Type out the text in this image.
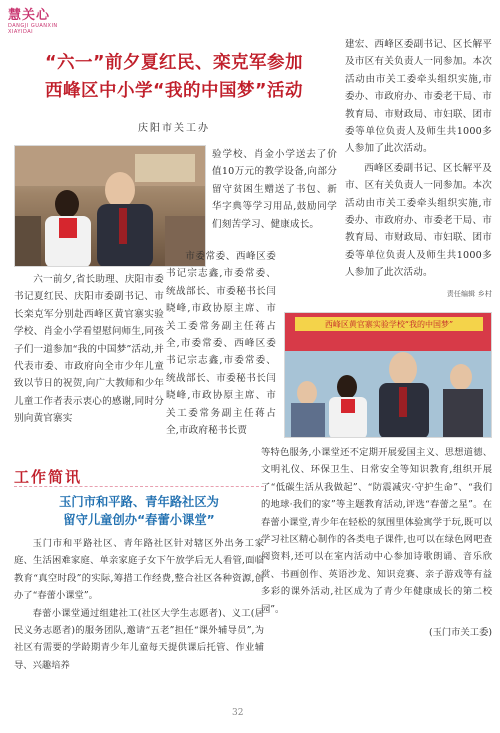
慧关心
DANGJI GUANXIN
XIAYIDAI
“六一”前夕夏红民、栾克军参加
西峰区中小学“我的中国梦”活动
庆阳市关工办
验学校、肖金小学送去了价值10万元的教学设备,向部分留守贫困生赠送了书包、新华字典等学习用品,鼓励同学们刻苦学习、健康成长。

六一前夕,省长助理、庆阳市委书记夏红民、庆阳市委副书记、市长栾克军分别赴西峰区黄官寨实验学校、肖金小学看望慰问师生,同孩子们一道参加“我的中国梦”活动,并代表市委、市政府向全市少年儿童致以节日的祝贺,向广大教师和少年儿童工作者表示衷心的感谢,同时分别向黄官寨实

市委常委、西峰区委书记宗志鑫,市委常委、统战部长、市委秘书长闫晓峰,市政协原主席、市关工委常务副主任蒋占全,市委常委、西峰区委书记宗志鑫,市委常委、统战部长、市委秘书长闫晓峰,市政协原主席、市关工委常务副主任蒋占全,市政府秘书长贾

建宏、西峰区委副书记、区长解平及市区有关负责人一同参加。本次活动由市关工委牵头组织实施,市委办、市政府办、市委老干局、市教育局、市财政局、市妇联、团市委等单位负责人及师生共1000多人参加了此次活动。

西峰区委副书记、区长解平及市、区有关负责人一同参加。本次活动由市关工委牵头组织实施,市委办、市政府办、市委老干局、市教育局、市财政局、市妇联、团市委等单位负责人及师生共1000多人参加了此次活动。

责任编辑 乡村
西峰区黄官寨实验学校“我的中国梦”
工作简讯
玉门市和平路、青年路社区为
留守儿童创办“春蕾小课堂”

玉门市和平路社区、青年路社区针对辖区外出务工家庭、生活困难家庭、单亲家庭子女下午放学后无人看管,面临教育“真空时段”的实际,筹措工作经费,整合社区各种资源,创办了“春蕾小课堂”。

春蕾小课堂通过组建社工(社区大学生志愿者)、义工(居民义务志愿者)的服务团队,邀请“五老”担任“课外辅导员”,为社区有需要的学龄期青少年儿童每天提供课后托管、作业辅导、兴趣培养

等特色服务,小课堂还不定期开展爱国主义、思想道德、文明礼仪、环保卫生、日常安全等知识教育,组织开展了“低碳生活从我做起”、“防震减灾·守护生命”、“我们的地球·我们的家”等主题教育活动,评选“春蕾之星”。在春蕾小课堂,青少年在轻松的氛围里体验寓学于玩,既可以学习社区精心制作的各类电子课件,也可以在绿色网吧查阅资料,还可以在室内活动中心参加诗歌朗诵、音乐欣赏、书画创作、英语沙龙、知识竞赛、亲子游戏等有益多彩的课外活动,社区成为了青少年健康成长的第二校园”。
(玉门市关工委)
32
